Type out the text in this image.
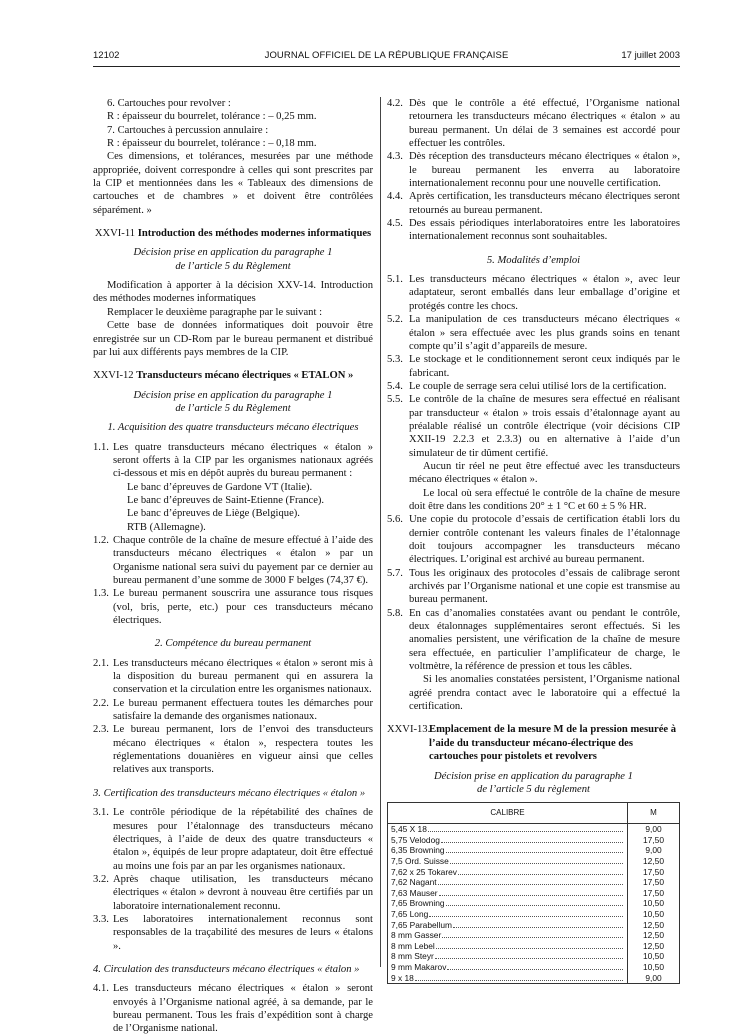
12102	JOURNAL OFFICIEL DE LA RÉPUBLIQUE FRANÇAISE	17 juillet 2003

6. Cartouches pour revolver :

R : épaisseur du bourrelet, tolérance : – 0,25 mm.

7. Cartouches à percussion annulaire :

R : épaisseur du bourrelet, tolérance : – 0,18 mm.

Ces dimensions, et tolérances, mesurées par une méthode appropriée, doivent correspondre à celles qui sont prescrites par la CIP et mentionnées dans les « Tableaux des dimensions de cartouches et de chambres » et doivent être contrôlées séparément. »

XXVI-11 Introduction des méthodes modernes informatiques

Décision prise en application du paragraphe 1

de l’article 5 du Règlement

Modification à apporter à la décision XXV-14. Introduction des méthodes modernes informatiques

Remplacer le deuxième paragraphe par le suivant :

Cette base de données informatiques doit pouvoir être enregistrée sur un CD-Rom par le bureau permanent et distribué par lui aux différents pays membres de la CIP.

XXVI-12 Transducteurs mécano électriques « ETALON »

Décision prise en application du paragraphe 1

de l’article 5 du Règlement

1. Acquisition des quatre transducteurs mécano électriques

1.1. Les quatre transducteurs mécano électriques « étalon » seront offerts à la CIP par les organismes nationaux agréés ci-dessous et mis en dépôt auprès du bureau permanent :

Le banc d’épreuves de Gardone VT (Italie).

Le banc d’épreuves de Saint-Etienne (France).

Le banc d’épreuves de Liège (Belgique).

RTB (Allemagne).

1.2. Chaque contrôle de la chaîne de mesure effectué à l’aide des transducteurs mécano électriques « étalon » par un Organisme national sera suivi du payement par ce dernier au bureau permanent d’une somme de 3000 F belges (74,37 €).
1.3. Le bureau permanent souscrira une assurance tous risques (vol, bris, perte, etc.) pour ces transducteurs mécano électriques.

2. Compétence du bureau permanent

2.1. Les transducteurs mécano électriques « étalon » seront mis à la disposition du bureau permanent qui en assurera la conservation et la circulation entre les organismes nationaux.
2.2. Le bureau permanent effectuera toutes les démarches pour satisfaire la demande des organismes nationaux.
2.3. Le bureau permanent, lors de l’envoi des transducteurs mécano électriques « étalon », respectera toutes les réglementations douanières en vigueur ainsi que celles relatives aux transports.

3. Certification des transducteurs mécano électriques « étalon »

3.1. Le contrôle périodique de la répétabilité des chaînes de mesures pour l’étalonnage des transducteurs mécano électriques, à l’aide de deux des quatre transducteurs « étalon », équipés de leur propre adaptateur, doit être effectué au moins une fois par an par les organismes nationaux.
3.2. Après chaque utilisation, les transducteurs mécano électriques « étalon » devront à nouveau être certifiés par un laboratoire internationalement reconnu.
3.3. Les laboratoires internationalement reconnus sont responsables de la traçabilité des mesures de leurs « étalons ».

4. Circulation des transducteurs mécano électriques « étalon »

4.1. Les transducteurs mécano électriques « étalon » seront envoyés à l’Organisme national agréé, à sa demande, par le bureau permanent. Tous les frais d’expédition sont à charge de l’Organisme national.
4.2. Dès que le contrôle a été effectué, l’Organisme national retournera les transducteurs mécano électriques « étalon » au bureau permanent. Un délai de 3 semaines est accordé pour effectuer les contrôles.
4.3. Dès réception des transducteurs mécano électriques « étalon », le bureau permanent les enverra au laboratoire internationalement reconnu pour une nouvelle certification.
4.4. Après certification, les transducteurs mécano électriques seront retournés au bureau permanent.
4.5. Des essais périodiques interlaboratoires entre les laboratoires internationalement reconnus sont souhaitables.

5. Modalités d’emploi

5.1. Les transducteurs mécano électriques « étalon », avec leur adaptateur, seront emballés dans leur emballage d’origine et protégés contre les chocs.
5.2. La manipulation de ces transducteurs mécano électriques « étalon » sera effectuée avec les plus grands soins en tenant compte qu’il s’agit d’appareils de mesure.
5.3. Le stockage et le conditionnement seront ceux indiqués par le fabricant.
5.4. Le couple de serrage sera celui utilisé lors de la certification.
5.5. Le contrôle de la chaîne de mesures sera effectué en réalisant par transducteur « étalon » trois essais d’étalonnage ayant au préalable réalisé un contrôle électrique (voir décisions CIP XXII-19 2.2.3 et 2.3.3) ou en alternative à l’aide d’un simulateur de tir dûment certifié.

Aucun tir réel ne peut être effectué avec les transducteurs mécano électriques « étalon ».

Le local où sera effectué le contrôle de la chaîne de mesure doit être dans les conditions 20° ± 1 °C et 60 ± 5 % HR.

5.6. Une copie du protocole d’essais de certification établi lors du dernier contrôle contenant les valeurs finales de l’étalonnage doit toujours accompagner les transducteurs mécano électriques. L’original est archivé au bureau permanent.
5.7. Tous les originaux des protocoles d’essais de calibrage seront archivés par l’Organisme national et une copie est transmise au bureau permanent.
5.8. En cas d’anomalies constatées avant ou pendant le contrôle, deux étalonnages supplémentaires seront effectués. Si les anomalies persistent, une vérification de la chaîne de mesure sera effectuée, en particulier l’amplificateur de charge, le voltmètre, la référence de pression et tous les câbles.

Si les anomalies constatées persistent, l’Organisme national agréé prendra contact avec le laboratoire qui a effectué la certification.

XXVI-13.
Emplacement de la mesure M de la pression mesurée à l’aide du transducteur mécano-électrique des cartouches pour pistolets et revolvers

Décision prise en application du paragraphe 1

de l’article 5 du règlement

CALIBRE	M

5,45 X 18	9,00

5,75 Velodog	17,50

6,35 Browning	9,00

7,5 Ord. Suisse	12,50

7,62 x 25 Tokarev	17,50

7,62 Nagant	17,50

7,63 Mauser	17,50

7,65 Browning	10,50

7,65 Long	10,50

7,65 Parabellum	12,50

8 mm Gasser	12,50

8 mm Lebel	12,50

8 mm Steyr	10,50

9 mm Makarov	10,50

9 x 18	9,00
